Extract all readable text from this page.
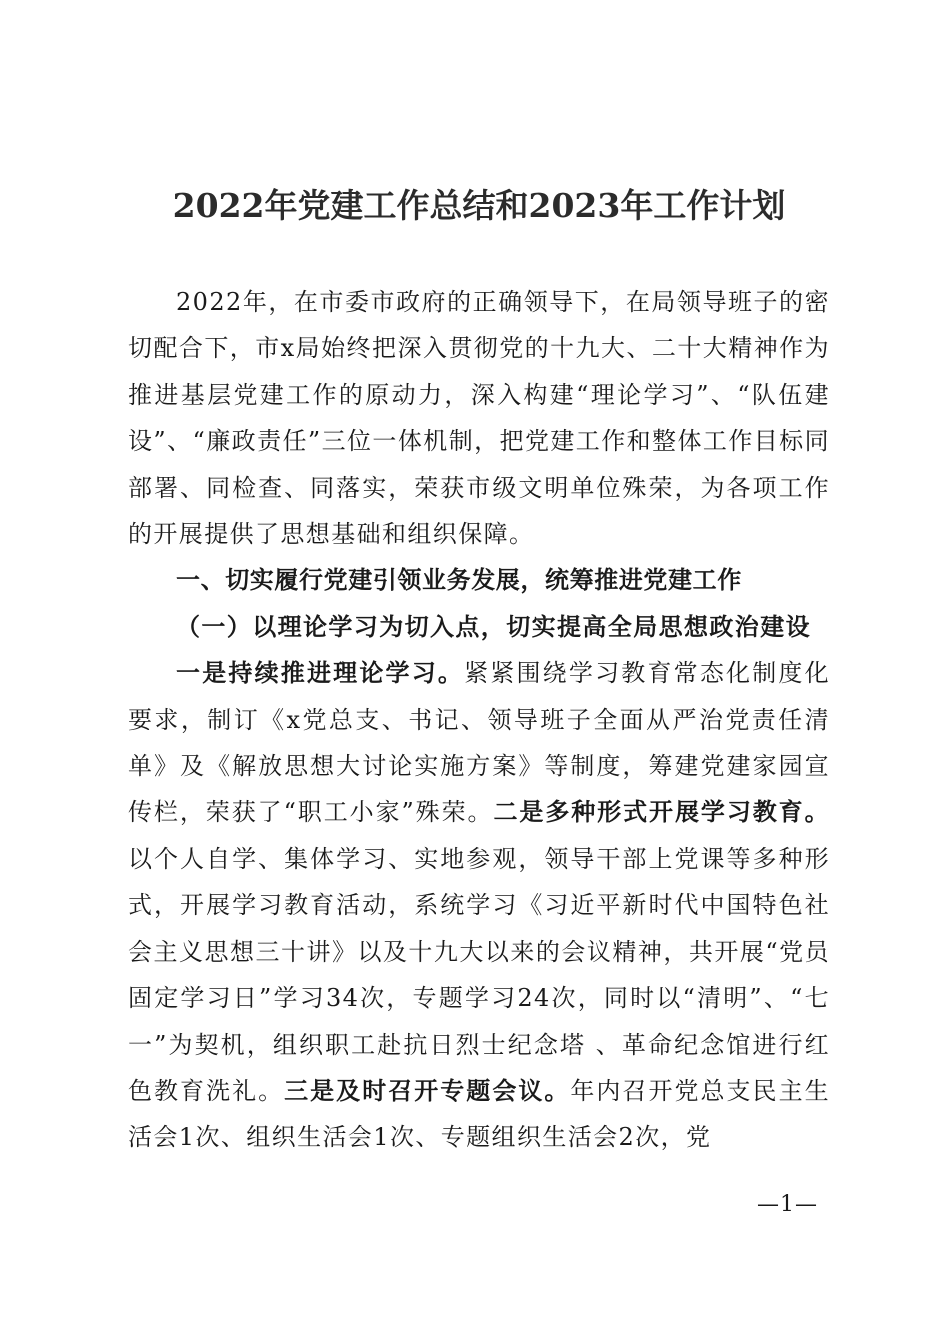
2022年党建工作总结和2023年工作计划

2022年，在市委市政府的正确领导下，在局领导班子的密切配合下，市x局始终把深入贯彻党的十九大、二十大精神作为推进基层党建工作的原动力，深入构建“理论学习”、“队伍建设”、“廉政责任”三位一体机制，把党建工作和整体工作目标同部署、同检查、同落实，荣获市级文明单位殊荣，为各项工作的开展提供了思想基础和组织保障。

一、切实履行党建引领业务发展，统筹推进党建工作

（一）以理论学习为切入点，切实提高全局思想政治建设

一是持续推进理论学习。紧紧围绕学习教育常态化制度化要求，制订《x党总支、书记、领导班子全面从严治党责任清单》及《解放思想大讨论实施方案》等制度，筹建党建家园宣传栏，荣获了“职工小家”殊荣。二是多种形式开展学习教育。以个人自学、集体学习、实地参观，领导干部上党课等多种形式，开展学习教育活动，系统学习《习近平新时代中国特色社会主义思想三十讲》以及十九大以来的会议精神，共开展“党员固定学习日”学习34次，专题学习24次，同时以“清明”、“七一”为契机，组织职工赴抗日烈士纪念塔 、革命纪念馆进行红色教育洗礼。三是及时召开专题会议。年内召开党总支民主生活会1次、组织生活会1次、专题组织生活会2次，党

—1—
